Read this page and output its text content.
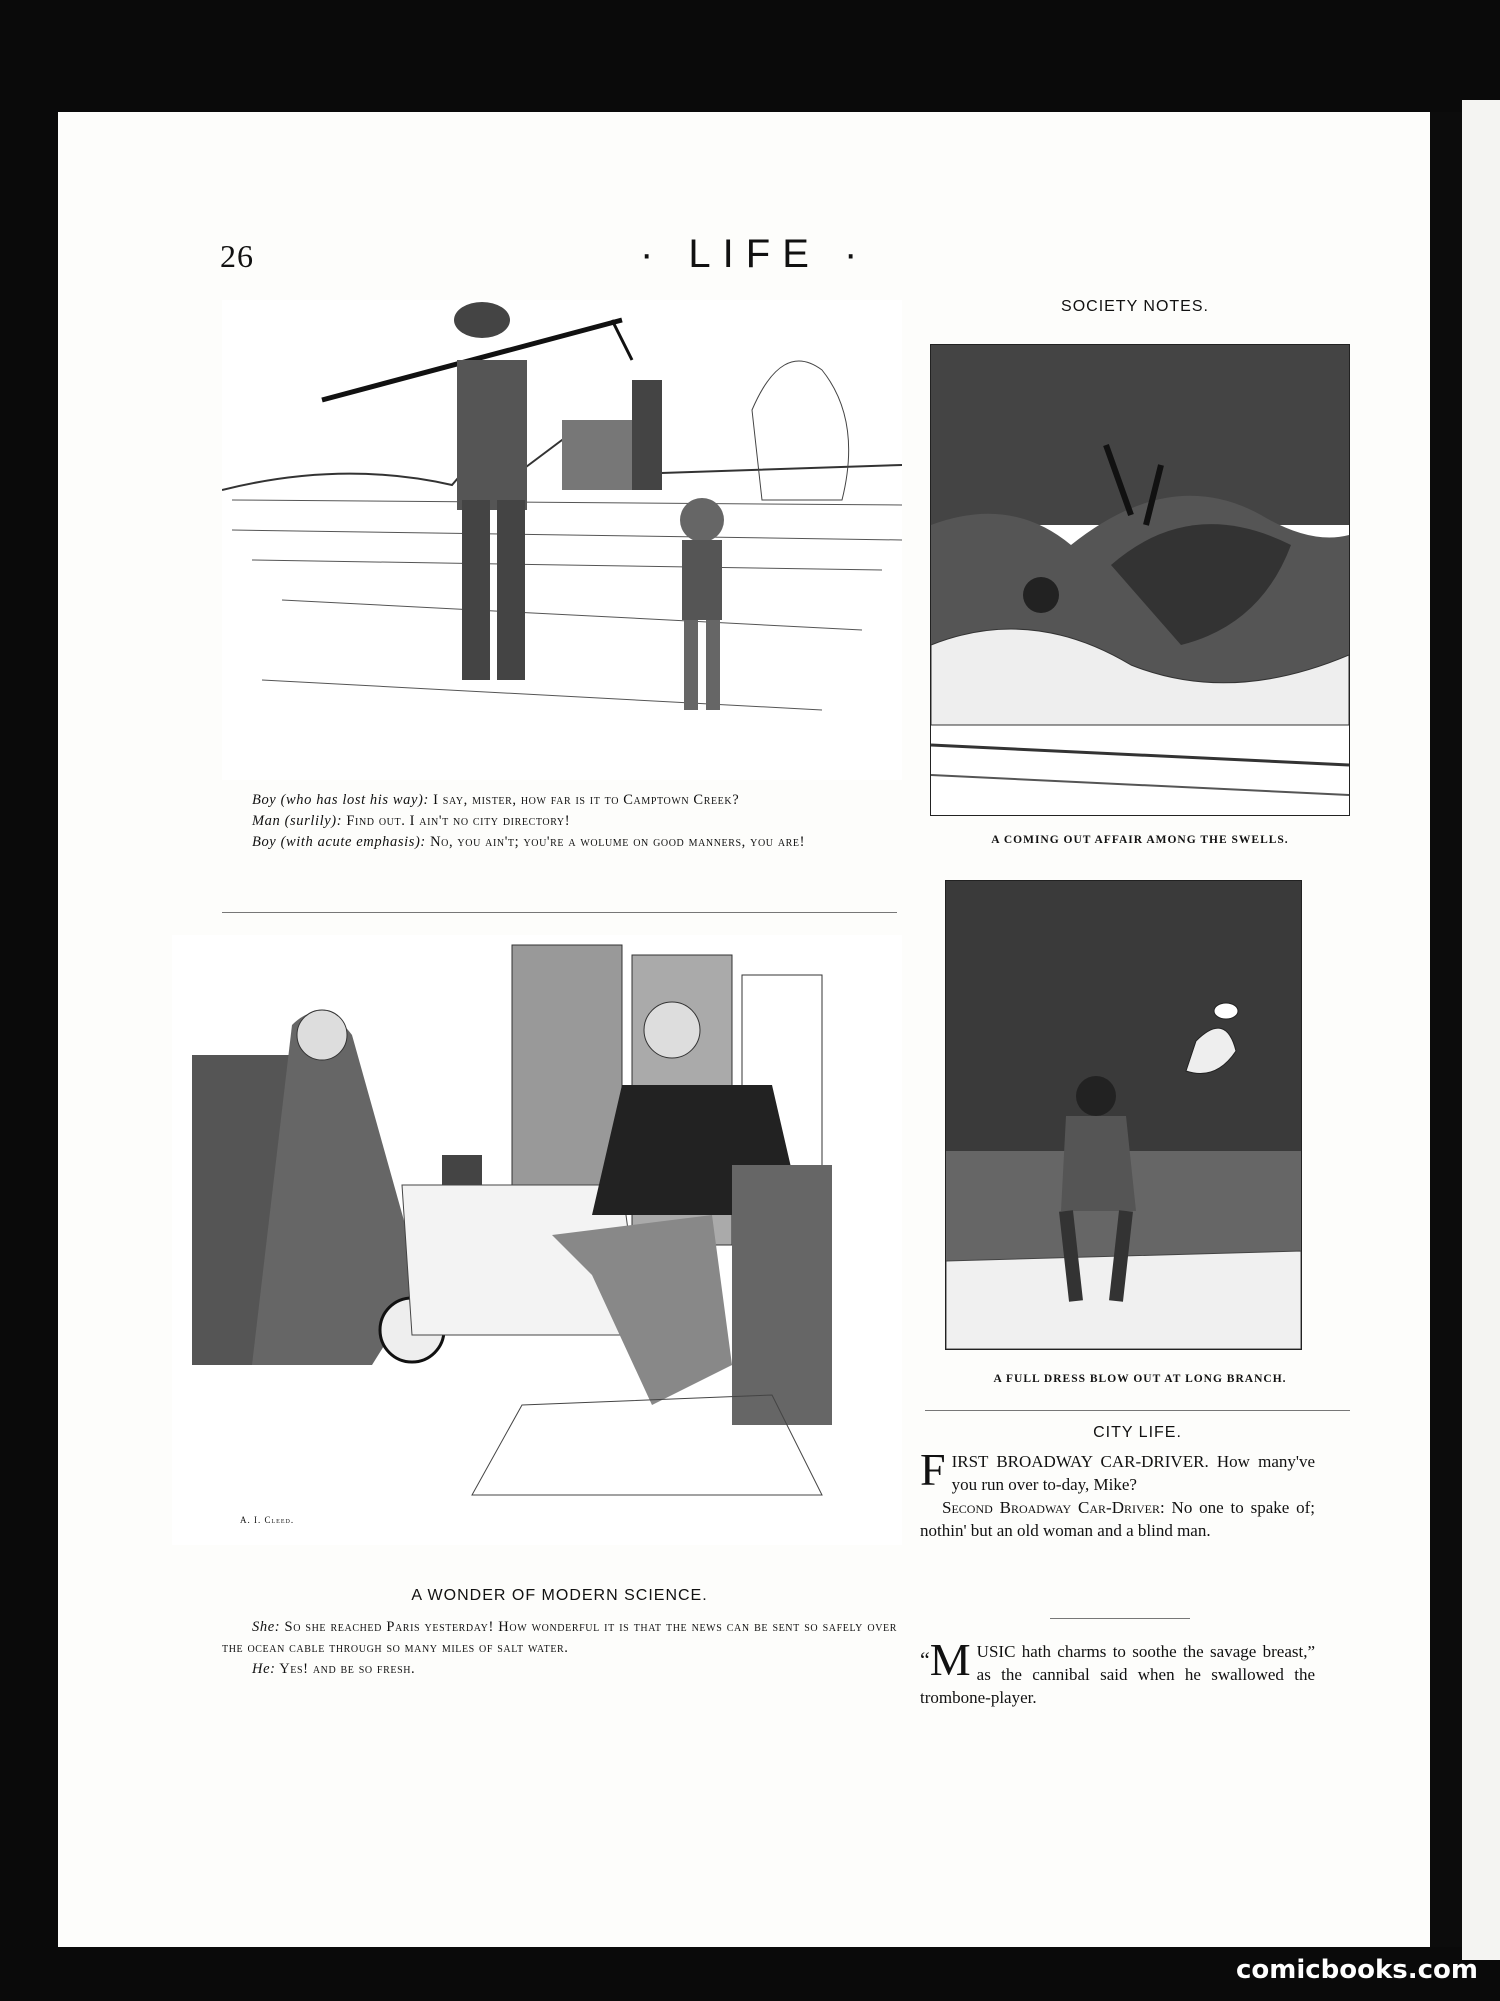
26	· LIFE ·

Boy (who has lost his way): I say, mister, how far is it to Camptown Creek?

Man (surlily): Find out. I ain't no city directory!

Boy (with acute emphasis): No, you ain't; you're a wolume on good manners, you are!

A. I. Cleed.
A WONDER OF MODERN SCIENCE.

She: So she reached Paris yesterday! How wonderful it is that the news can be sent so safely over the ocean cable through so many miles of salt water.

He: Yes! and be so fresh.

SOCIETY NOTES.
A COMING OUT AFFAIR AMONG THE SWELLS.
A FULL DRESS BLOW OUT AT LONG BRANCH.
CITY LIFE.

FIRST BROADWAY CAR-DRIVER. How many've you run over to-day, Mike?

Second Broadway Car-Driver: No one to spake of; nothin' but an old woman and a blind man.

“M USIC hath charms to soothe the savage breast,” as the cannibal said when he swallowed the trombone-player.

comicbooks.com
